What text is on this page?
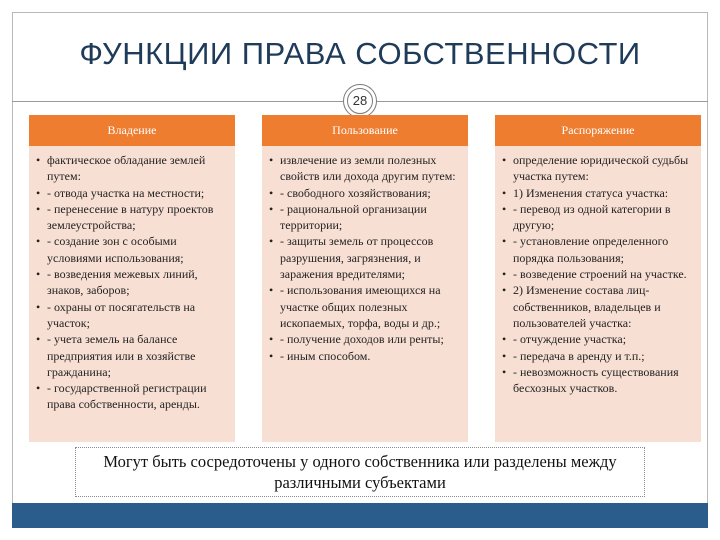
ФУНКЦИИ ПРАВА СОБСТВЕННОСТИ
28
Владение
• фактическое обладание землей путем:
• - отвода участка на местности;
• - перенесение в натуру проектов землеустройства;
• - создание зон с особыми условиями использования;
• - возведения межевых линий, знаков, заборов;
• - охраны от посягательств на участок;
• - учета земель на балансе предприятия или в хозяйстве гражданина;
• - государственной регистрации права собственности, аренды.
Пользование
• извлечение из земли полезных свойств или дохода другим путем:
• - свободного хозяйствования;
• - рациональной организации территории;
• - защиты земель от процессов разрушения, загрязнения, и заражения вредителями;
• - использования имеющихся на участке общих полезных ископаемых, торфа, воды и др.;
• - получение доходов или ренты;
• - иным способом.
Распоряжение
• определение юридической судьбы участка путем:
• 1) Изменения статуса участка:
• - перевод из одной категории в другую;
• - установление определенного порядка пользования;
• - возведение строений на участке.
• 2) Изменение состава лиц-собственников, владельцев и пользователей участка:
• - отчуждение участка;
• - передача в аренду и т.п.;
• - невозможность существования бесхозных участков.
Могут быть сосредоточены у одного собственника или разделены между различными субъектами
